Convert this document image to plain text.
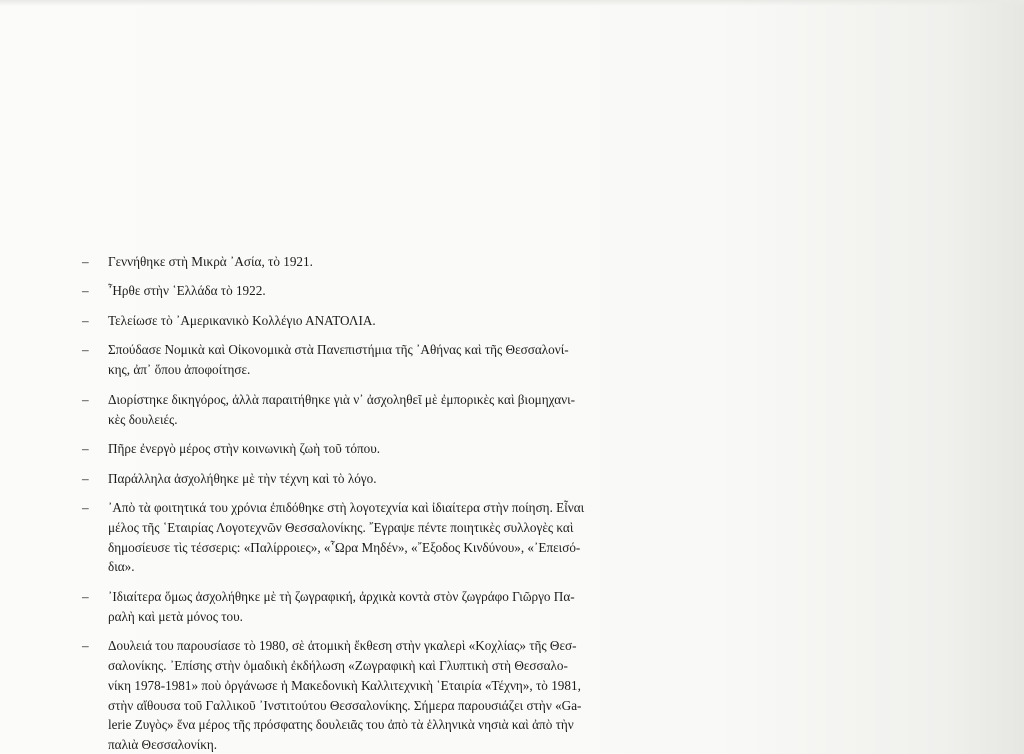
–	Γεννήθηκε στὴ Μικρὰ ᾿Ασία, τὸ 1921.
–	῏Ηρθε στὴν ῾Ελλάδα τὸ 1922.
–	Τελείωσε τὸ ᾿Αμερικανικὸ Κολλέγιο ΑΝΑΤΟΛΙΑ.
–	Σπούδασε Νομικὰ καὶ Οἰκονομικὰ στὰ Πανεπιστήμια τῆς ᾿Αθήνας καὶ τῆς Θεσσαλονί-
κης, ἀπ᾿ ὅπου ἀποφοίτησε.
–	Διορίστηκε δικηγόρος, ἀλλὰ παραιτήθηκε γιὰ ν᾿ ἀσχοληθεῖ μὲ ἐμπορικὲς καὶ βιομηχανι-
κὲς δουλειές.
–	Πῆρε ἐνεργὸ μέρος στὴν κοινωνικὴ ζωὴ τοῦ τόπου.
–	Παράλληλα ἀσχολήθηκε μὲ τὴν τέχνη καὶ τὸ λόγο.
–	᾿Απὸ τὰ φοιτητικά του χρόνια ἐπιδόθηκε στὴ λογοτεχνία καὶ ἰδιαίτερα στὴν ποίηση. Εἶναι
μέλος τῆς ῾Εταιρίας Λογοτεχνῶν Θεσσαλονίκης. ῎Εγραψε πέντε ποιητικὲς συλλογὲς καὶ
δημοσίευσε τὶς τέσσερις: «Παλίρροιες», «῟Ωρα Μηδέν», «῎Εξοδος Κινδύνου», «᾿Επεισό-
δια».
–	᾿Ιδιαίτερα ὅμως ἀσχολήθηκε μὲ τὴ ζωγραφική, ἀρχικὰ κοντὰ στὸν ζωγράφο Γιῶργο Πα-
ραλὴ καὶ μετὰ μόνος του.
–	Δουλειά του παρουσίασε τὸ 1980, σὲ ἀτομικὴ ἔκθεση στὴν γκαλερὶ «Κοχλίας» τῆς Θεσ-
σαλονίκης. ᾿Επίσης στὴν ὁμαδικὴ ἐκδήλωση «Ζωγραφικὴ καὶ Γλυπτικὴ στὴ Θεσσαλο-
νίκη 1978-1981» ποὺ ὀργάνωσε ἡ Μακεδονικὴ Καλλιτεχνικὴ ῾Εταιρία «Τέχνη», τὸ 1981,
στὴν αἴθουσα τοῦ Γαλλικοῦ ᾿Ινστιτούτου Θεσσαλονίκης. Σήμερα παρουσιάζει στὴν «Ga-
lerie Ζυγὸς» ἕνα μέρος τῆς πρόσφατης δουλειᾶς του ἀπὸ τὰ ἑλληνικὰ νησιὰ καὶ ἀπὸ τὴν
παλιὰ Θεσσαλονίκη.
